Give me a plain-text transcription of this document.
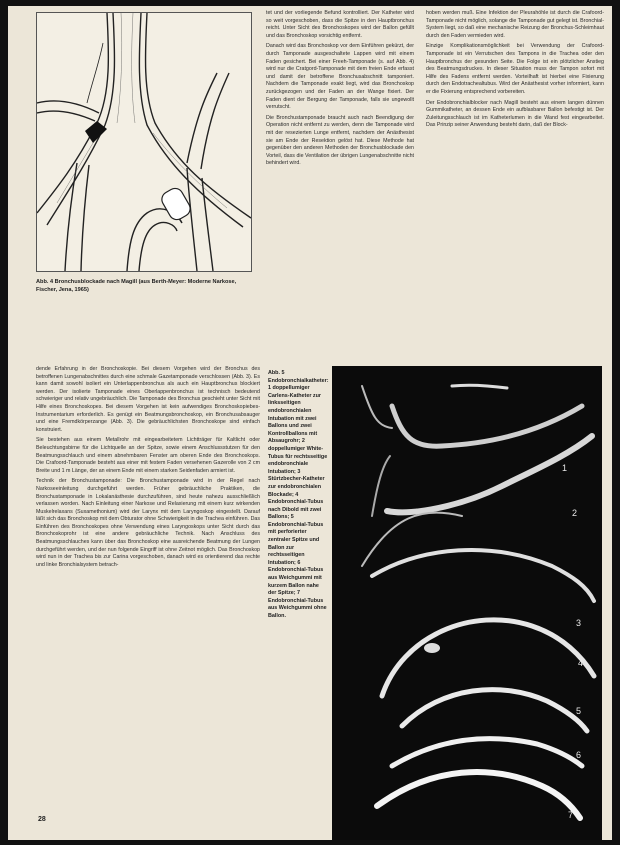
Abb. 4 Bronchusblockade nach Magill (aus Berth-Meyer: Moderne Narkose, Fischer, Jena, 1965)

tet und der vorliegende Befund kontrolliert. Der Katheter wird so weit vorgeschoben, dass die Spitze in den Hauptbronchus reicht. Unter Sicht des Bronchoskopes wird der Ballon gefüllt und das Bronchoskop vorsichtig entfernt.

Danach wird das Bronchoskop vor dem Einführen gekürzt, der durch Tamponade ausgeschaltete Lappen wird mit einem Faden gesichert. Bei einer Freeh-Tamponade (s. auf Abb. 4) wird nur die Cratgord-Tamponade mit dem freien Ende erfasst und damit der betroffene Bronchusabschnitt tamponiert. Nachdem die Tamponade exakt liegt, wird das Bronchoskop zurückgezogen und der Faden an der Wange fixiert. Der Faden dient der Bergung der Tamponade, falls sie ungewollt verrutscht.

Die Bronchustamponade braucht auch nach Beendigung der Operation nicht entfernt zu werden, denn die Tamponade wird mit der resezierten Lunge entfernt, nachdem der Anästhesist sie am Ende der Resektion gelöst hat. Diese Methode hat gegenüber den anderen Methoden der Bronchusblockade den Vorteil, dass die Ventilation der übrigen Lungenabschnitte nicht behindert wird.

hoben werden muß. Eine Infektion der Pleurahöhle ist durch die Crafoord-Tamponade nicht möglich, solange die Tamponade gut gelegt ist. Bronchial-System liegt, so daß eine mechanische Reizung der Bronchus-Schleimhaut durch den Faden vermieden wird.

Einzige Komplikationsmöglichkeit bei Verwendung der Crafoord-Tamponade ist ein Verrutschen des Tampons in die Trachea oder den Hauptbronchus der gesunden Seite. Die Folge ist ein plötzlicher Anstieg des Beatmungsdruckes. In dieser Situation muss der Tampon sofort mit Hilfe des Fadens entfernt werden. Vorteilhaft ist hierbei eine Fixierung durch den Endotrachealtubus. Wird der Anästhesist vorher informiert, kann er die Fixierung entsprechend vorbereiten.

Der Endobronchialblocker nach Magill besteht aus einem langen dünnen Gummikatheter, an dessen Ende ein aufblasbarer Ballon befestigt ist. Der Zuleitungsschlauch ist im Katheterlumen in die Wand fest eingearbeitet. Das Prinzip seiner Anwendung besteht darin, daß der Block-

dende Erfahrung in der Bronchoskopie. Bei diesem Vorgehen wird der Bronchus des betroffenen Lungenabschnittes durch eine schmale Gazetamponade verschlossen (Abb. 3). Es kann damit sowohl isoliert ein Unterlappenbronchus als auch ein Hauptbronchus blockiert werden. Der isolierte Tamponade eines Oberlappenbronchus ist technisch bedeutend schwieriger und relativ ungebräuchlich. Die Tamponade des Bronchus geschieht unter Sicht mit Hilfe eines Bronchoskopes. Bei diesem Vorgehen ist kein aufwendiges Bronchoskopiebes-Instrumentarium erforderlich. Es genügt ein Beatmungsbronchoskop, ein Bronchusabsauger und eine Fremdkörperzange (Abb. 3). Die gebräuchlichsten Bronchoskope sind einfach konstruiert.

Sie bestehen aus einem Metallrohr mit eingearbeitetem Lichtträger für Kaltlicht oder Beleuchtungsbirne für die Lichtquelle an der Spitze, sowie einem Anschlussstutzen für den Beatmungsschlauch und einem abnehmbaren Fenster am oberen Ende des Bronchoskops. Die Crafoord-Tamponade besteht aus einer mit festem Faden versehenen Gazerolle von 2 cm Breite und 1 m Länge, der an einem Ende mit einem starken Seidenfaden armiert ist.

Technik der Bronchustamponade: Die Bronchustamponade wird in der Regel nach Narkoseeinleitung durchgeführt werden. Früher gebräuchliche Praktiken, die Bronchustamponade in Lokalanästhesie durchzuführen, sind heute nahezu ausschließlich verlassen worden. Nach Einleitung einer Narkose und Relaxierung mit einem kurz wirkenden Muskelrelaxans (Suxamethonium) wird der Larynx mit dem Laryngoskop eingestellt. Darauf läßt sich das Bronchoskop mit dem Obturator ohne Schwierigkeit in die Trachea einführen. Das Einführen des Bronchoskopes ohne Verwendung eines Laryngoskops unter Sicht durch das Bronchoskoprohr ist eine andere gebräuchliche Technik. Nach Anschluss des Beatmungsschlauches kann über das Bronchoskop eine ausreichende Beatmung der Lungen durchgeführt werden, und der nun folgende Eingriff ist ohne Zeitnot möglich. Das Bronchoskop wird nun in der Trachea bis zur Carina vorgeschoben, danach wird es orientierend das rechte und linke Bronchialsystem betrach-

Abb. 5 Endobronchialkatheter: 1 doppellumiger Carlens-Katheter zur linksseitigen endobronchialen Intubation mit zwei Ballons und zwei Kontrollballons mit Absaugrohr; 2 doppellumiger White-Tubus für rechtsseitige endobronchiale Intubation; 3 Stürtzbecher-Katheter zur endobronchialen Blockade; 4 Endobronchial-Tubus nach Dibold mit zwei Ballons; 5 Endobronchial-Tubus mit perforierter zentraler Spitze und Ballon zur rechtsseitigen Intubation; 6 Endobronchial-Tubus aus Weichgummi mit kurzem Ballon nahe der Spitze; 7 Endobronchial-Tubus aus Weichgummi ohne Ballon.
1
2
3
4
5
6
7
28
